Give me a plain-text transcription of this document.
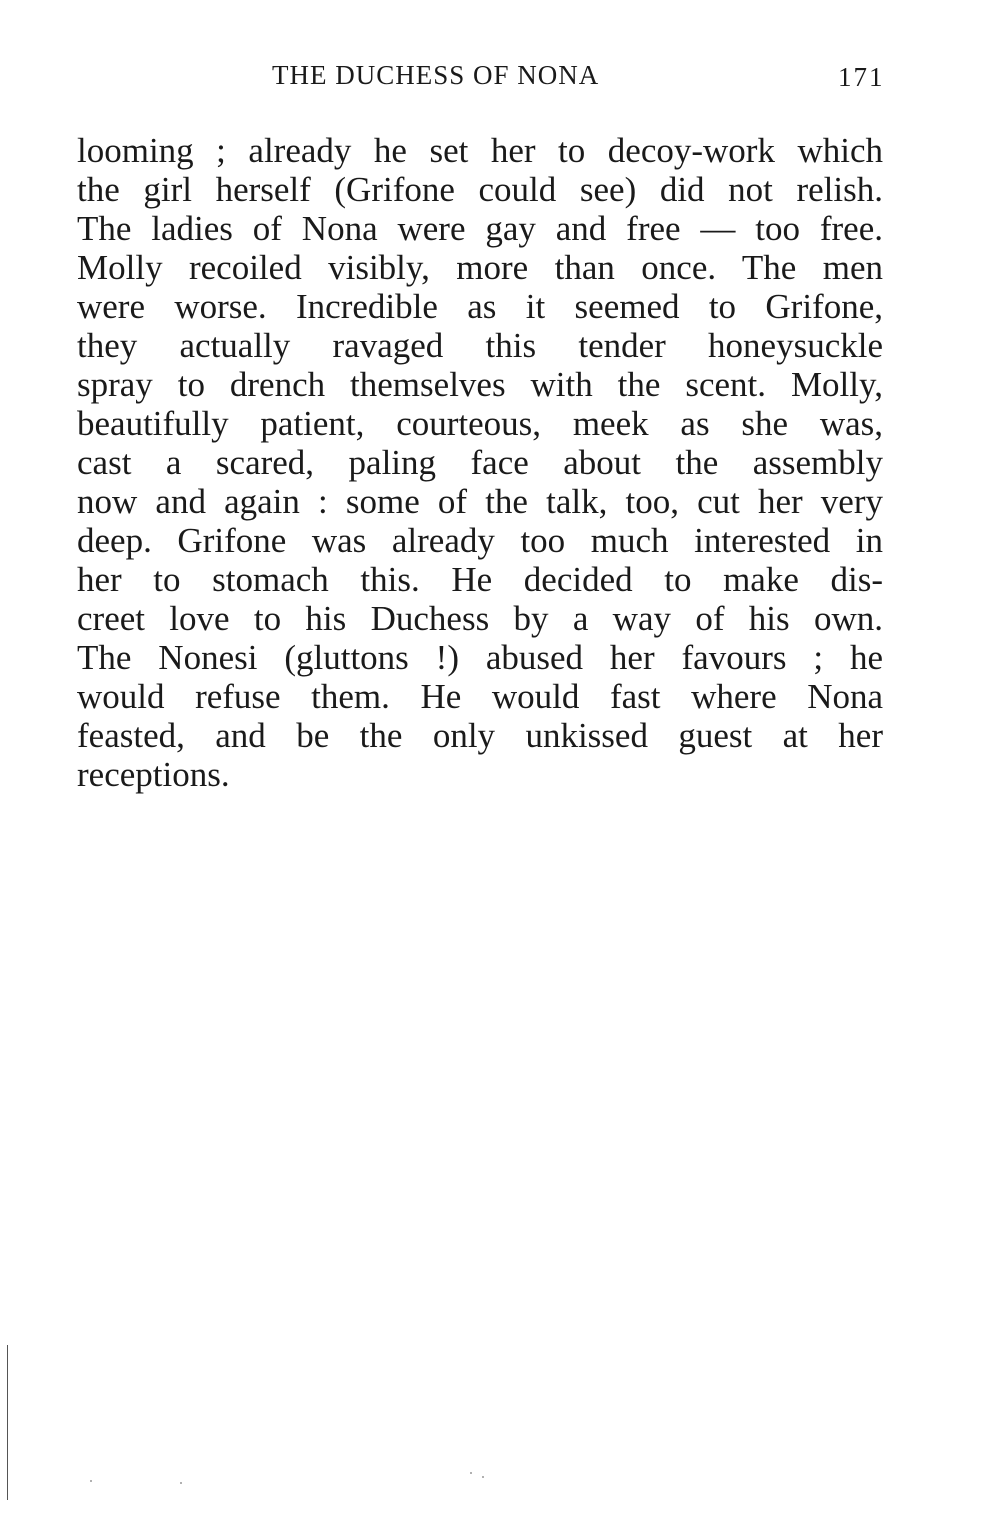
THE DUCHESS OF NONA	171
looming ; already he set her to decoy-work which
the girl herself (Grifone could see) did not relish.
The ladies of Nona were gay and free — too free.
Molly recoiled visibly, more than once. The men
were worse. Incredible as it seemed to Grifone,
they actually ravaged this tender honeysuckle
spray to drench themselves with the scent. Molly,
beautifully patient, courteous, meek as she was,
cast a scared, paling face about the assembly
now and again : some of the talk, too, cut her very
deep. Grifone was already too much interested in
her to stomach this. He decided to make dis-
creet love to his Duchess by a way of his own.
The Nonesi (gluttons !) abused her favours ; he
would refuse them. He would fast where Nona
feasted, and be the only unkissed guest at her
receptions.
